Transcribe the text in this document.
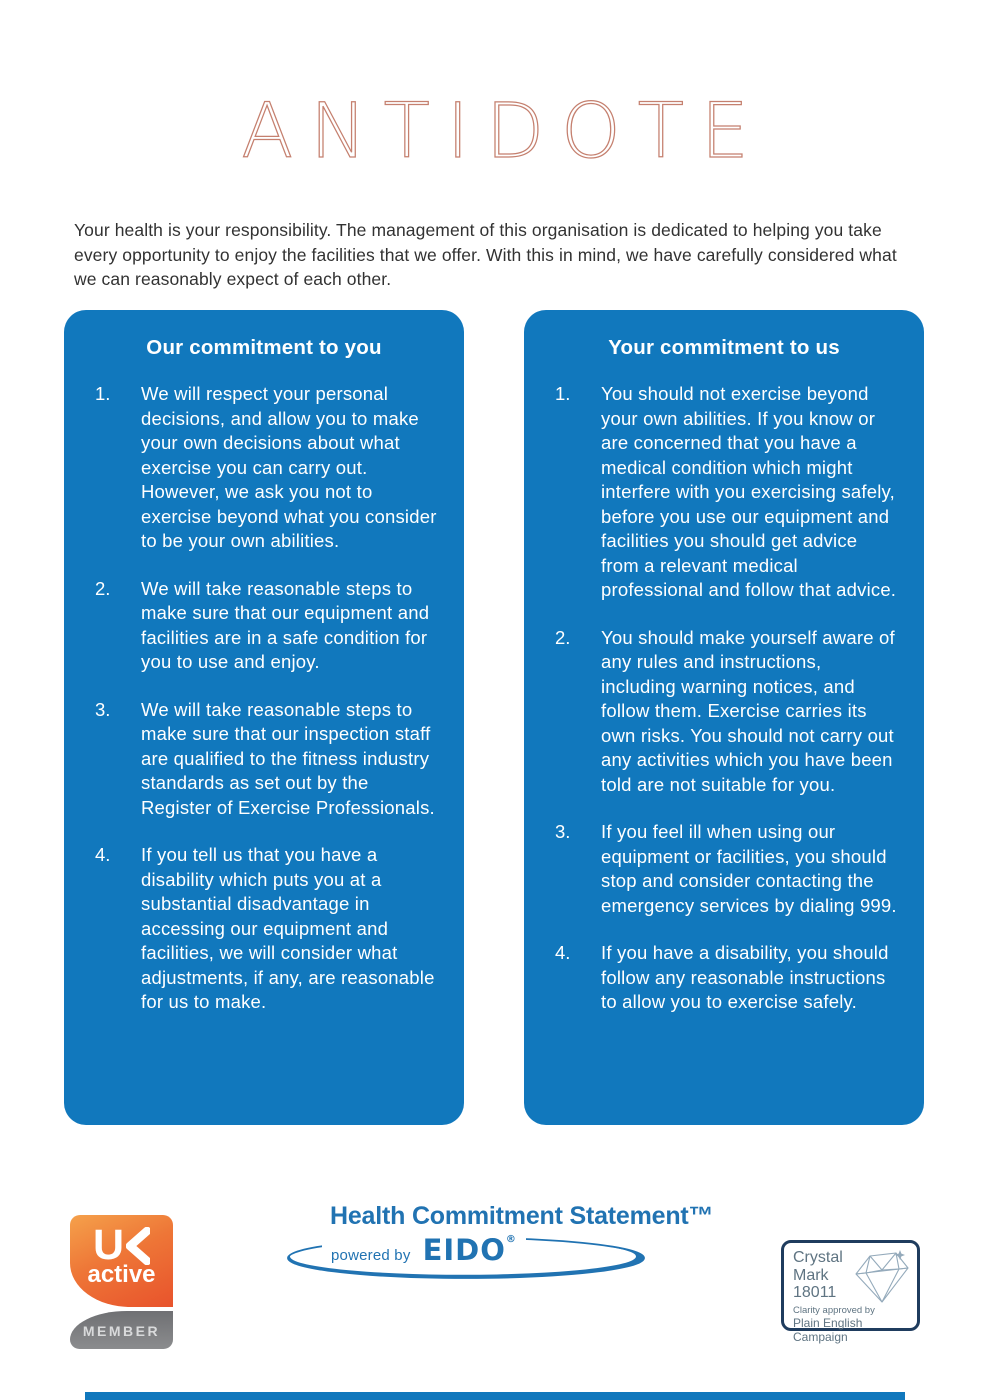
ANTIDOTE

Your health is your responsibility. The management of this organisation is dedicated to helping you take every opportunity to enjoy the facilities that we offer. With this in mind, we have carefully considered what we can reasonably expect of each other.

Our commitment to you
1.	We will respect your personal decisions, and allow you to make your own decisions about what exercise you can carry out. However, we ask you not to exercise beyond what you consider to be your own abilities.
2.	We will take reasonable steps to make sure that our equipment and facilities are in a safe condition for you to use and enjoy.
3.	We will take reasonable steps to make sure that our inspection staff are qualified to the fitness industry standards as set out by the Register of Exercise Professionals.
4.	If you tell us that you have a disability which puts you at a substantial disadvantage in accessing our equipment and facilities, we will consider what adjustments, if any, are reasonable for us to make.
Your commitment to us
1.	You should not exercise beyond your own abilities. If you know or are concerned that you have a medical condition which might interfere with you exercising safely, before you use our equipment and facilities you should get advice from a relevant medical professional and follow that advice.
2.	You should make yourself aware of any rules and instructions, including warning notices, and follow them. Exercise carries its own risks. You should not carry out any activities which you have been told are not suitable for you.
3.	If you feel ill when using our equipment or facilities, you should stop and consider contacting the emergency services by dialing 999.
4.	If you have a disability, you should follow any reasonable instructions to allow you to exercise safely.
U
active
MEMBER
Health Commitment Statement™
powered by EIDO®
Crystal
Mark
18011
Clarity approved by
Plain English Campaign
